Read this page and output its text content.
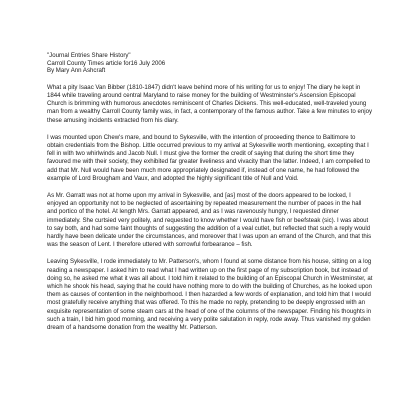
"Journal Entries Share History"
Carroll County Times article for16 July 2006
By Mary Ann Ashcraft

What a pity Isaac Van Bibber (1810-1847) didn't leave behind more of his writing for us to enjoy! The diary he kept in 1844 while traveling around central Maryland to raise money for the building of Westminster's Ascension Episcopal Church is brimming with humorous anecdotes reminiscent of Charles Dickens. This well-educated, well-traveled young man from a wealthy Carroll County family was, in fact, a contemporary of the famous author. Take a few minutes to enjoy these amusing incidents extracted from his diary.

I was mounted upon Chew's mare, and bound to Sykesville, with the intention of proceeding thence to Baltimore to obtain credentials from the Bishop. Little occurred previous to my arrival at Sykesville worth mentioning, excepting that I fell in with two whirlwinds and Jacob Null. I must give the former the credit of saying that during the short time they favoured me with their society, they exhibited far greater liveliness and vivacity than the latter. Indeed, I am compelled to add that Mr. Null would have been much more appropriately designated if, instead of one name, he had followed the example of Lord Brougham and Vaux, and adopted the highly significant title of Null and Void.

As Mr. Garratt was not at home upon my arrival in Sykesville, and [as] most of the doors appeared to be locked, I enjoyed an opportunity not to be neglected of ascertaining by repeated measurement the number of paces in the hall and portico of the hotel. At length Mrs. Garratt appeared, and as I was ravenously hungry, I requested dinner immediately. She curtsied very politely, and requested to know whether I would have fish or beefsteak (sic). I was about to say both, and had some faint thoughts of suggesting the addition of a veal cutlet, but reflected that such a reply would hardly have been delicate under the circumstances, and moreover that I was upon an errand of the Church, and that this was the season of Lent. I therefore uttered with sorrowful forbearance – fish.

Leaving Sykesville, I rode immediately to Mr. Patterson's, whom I found at some distance from his house, sitting on a log reading a newspaper. I asked him to read what I had written up on the first page of my subscription book, but instead of doing so, he asked me what it was all about. I told him it related to the building of an Episcopal Church in Westminster, at which he shook his head, saying that he could have nothing more to do with the building of Churches, as he looked upon them as causes of contention in the neighborhood. I then hazarded a few words of explanation, and told him that I would most gratefully receive anything that was offered. To this he made no reply, pretending to be deeply engrossed with an exquisite representation of some steam cars at the head of one of the columns of the newspaper. Finding his thoughts in such a train, I bid him good morning, and receiving a very polite salutation in reply, rode away. Thus vanished my golden dream of a handsome donation from the wealthy Mr. Patterson.
